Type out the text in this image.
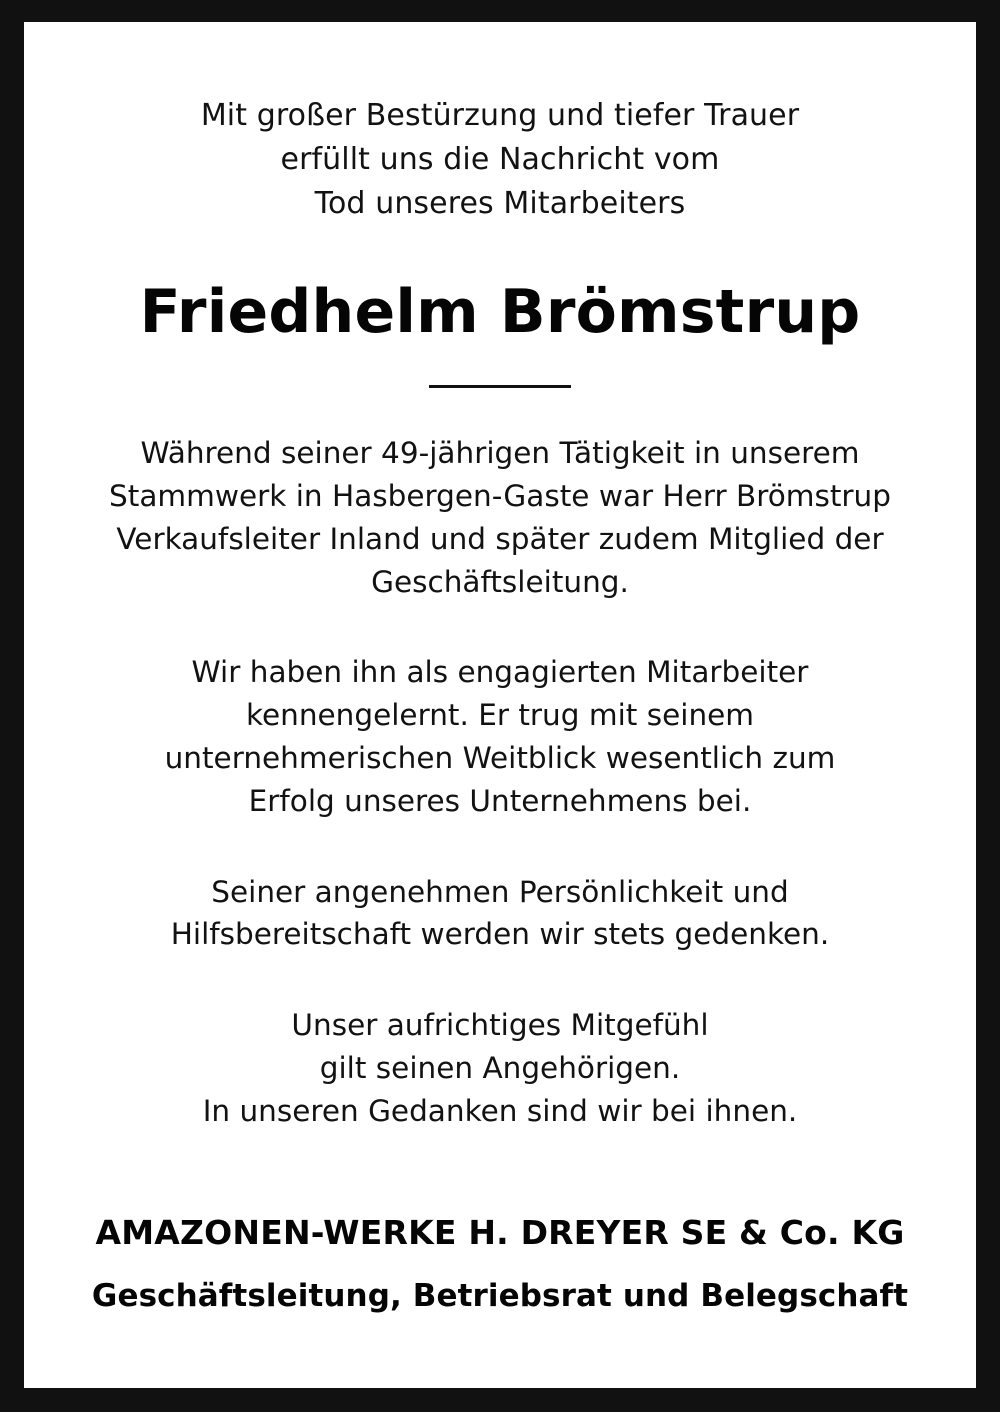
Mit großer Bestürzung und tiefer Trauer
erfüllt uns die Nachricht vom
Tod unseres Mitarbeiters
Friedhelm Brömstrup
Während seiner 49-jährigen Tätigkeit in unserem
Stammwerk in Hasbergen-Gaste war Herr Brömstrup
Verkaufsleiter Inland und später zudem Mitglied der
Geschäftsleitung.
Wir haben ihn als engagierten Mitarbeiter
kennengelernt. Er trug mit seinem
unternehmerischen Weitblick wesentlich zum
Erfolg unseres Unternehmens bei.
Seiner angenehmen Persönlichkeit und
Hilfsbereitschaft werden wir stets gedenken.
Unser aufrichtiges Mitgefühl
gilt seinen Angehörigen.
In unseren Gedanken sind wir bei ihnen.
AMAZONEN-WERKE H. DREYER SE & Co. KG
Geschäftsleitung, Betriebsrat und Belegschaft
